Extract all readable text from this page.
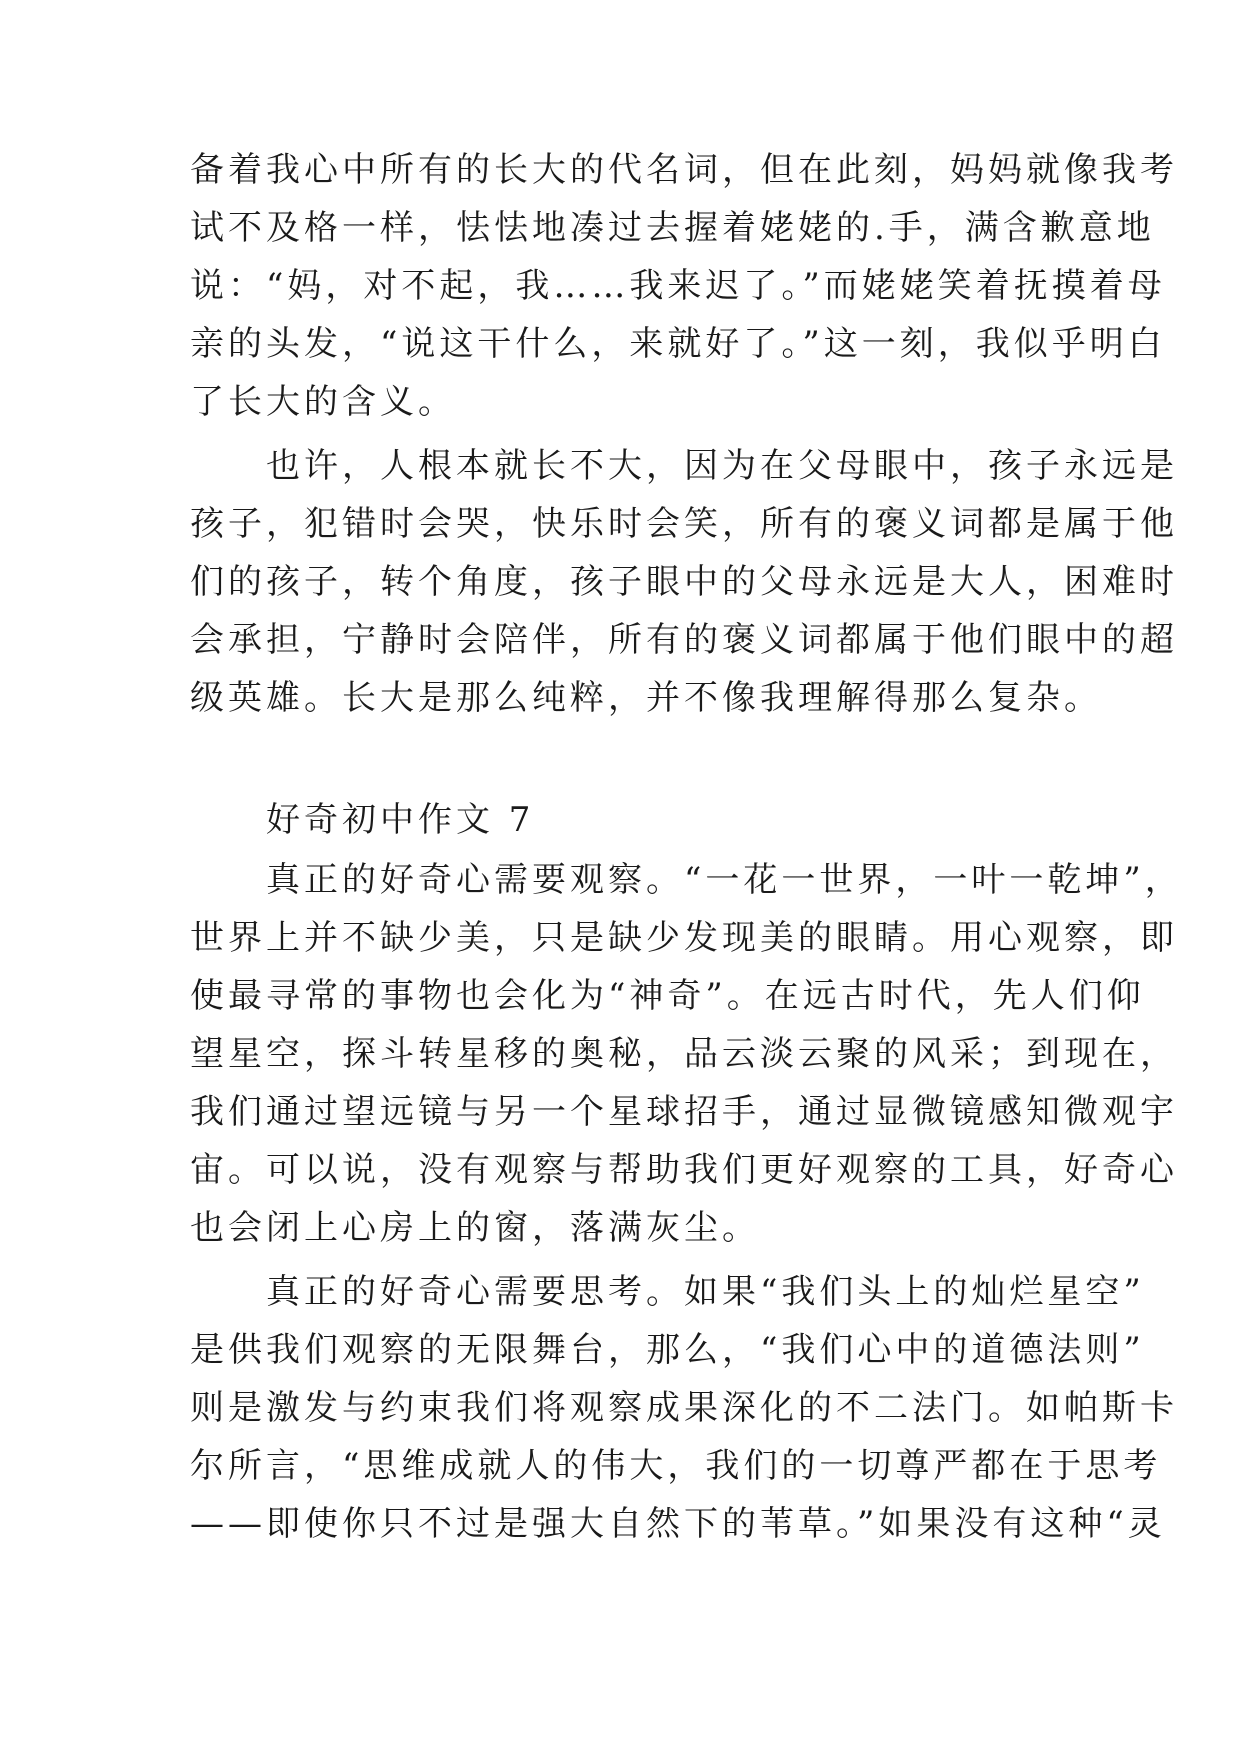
备着我心中所有的长大的代名词，但在此刻，妈妈就像我考
试不及格一样，怯怯地凑过去握着姥姥的.手，满含歉意地
说：“妈，对不起，我……我来迟了。”而姥姥笑着抚摸着母
亲的头发，“说这干什么，来就好了。”这一刻，我似乎明白
了长大的含义。
　　也许，人根本就长不大，因为在父母眼中，孩子永远是
孩子，犯错时会哭，快乐时会笑，所有的褒义词都是属于他
们的孩子，转个角度，孩子眼中的父母永远是大人，困难时
会承担，宁静时会陪伴，所有的褒义词都属于他们眼中的超
级英雄。长大是那么纯粹，并不像我理解得那么复杂。
　　好奇初中作文 7
　　真正的好奇心需要观察。“一花一世界，一叶一乾坤”，
世界上并不缺少美，只是缺少发现美的眼睛。用心观察，即
使最寻常的事物也会化为“神奇”。在远古时代，先人们仰
望星空，探斗转星移的奥秘，品云淡云聚的风采；到现在，
我们通过望远镜与另一个星球招手，通过显微镜感知微观宇
宙。可以说，没有观察与帮助我们更好观察的工具，好奇心
也会闭上心房上的窗，落满灰尘。
　　真正的好奇心需要思考。如果“我们头上的灿烂星空”
是供我们观察的无限舞台，那么，“我们心中的道德法则”
则是激发与约束我们将观察成果深化的不二法门。如帕斯卡
尔所言，“思维成就人的伟大，我们的一切尊严都在于思考
——即使你只不过是强大自然下的苇草。”如果没有这种“灵
